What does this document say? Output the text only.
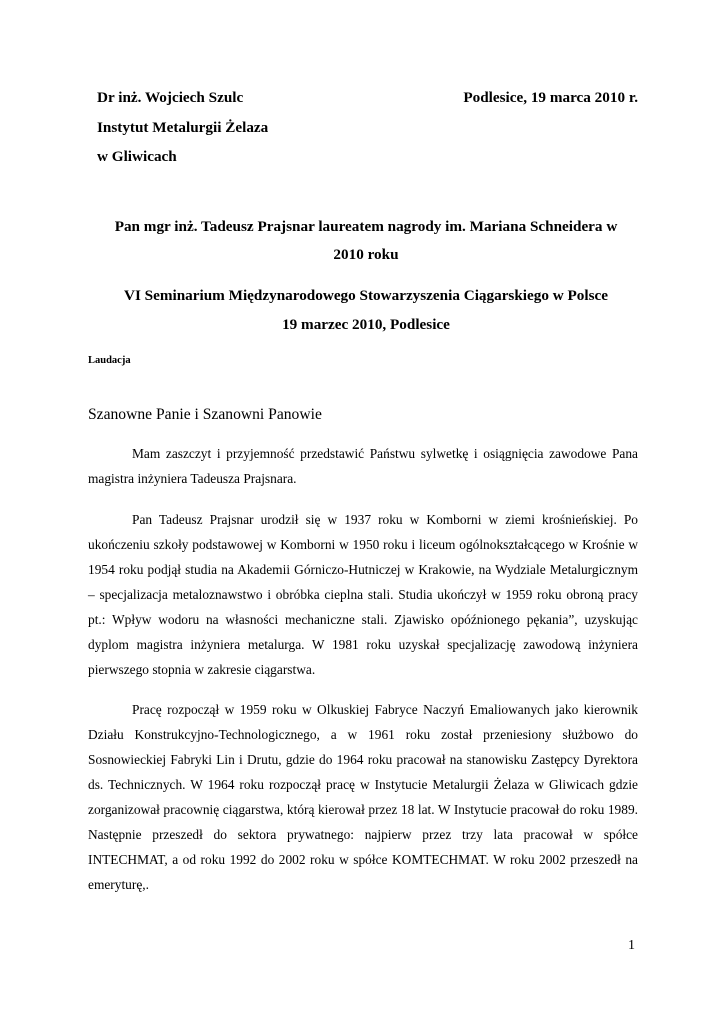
Dr inż. Wojciech Szulc
Instytut Metalurgii Żelaza
w Gliwicach
Podlesice, 19 marca 2010 r.
Pan mgr inż. Tadeusz Prajsnar laureatem nagrody im. Mariana Schneidera w
2010 roku
VI Seminarium Międzynarodowego Stowarzyszenia Ciągarskiego w Polsce
19 marzec 2010, Podlesice
Laudacja
Szanowne Panie i Szanowni Panowie

Mam zaszczyt i przyjemność przedstawić Państwu sylwetkę i osiągnięcia zawodowe Pana magistra inżyniera Tadeusza Prajsnara.

Pan Tadeusz Prajsnar urodził się w 1937 roku w Komborni w ziemi krośnieńskiej. Po ukończeniu szkoły podstawowej w Komborni w 1950 roku i liceum ogólnokształcącego w Krośnie w 1954 roku podjął studia na Akademii Górniczo-Hutniczej w Krakowie, na Wydziale Metalurgicznym – specjalizacja metaloznawstwo i obróbka cieplna stali. Studia ukończył w 1959 roku obroną pracy pt.: Wpływ wodoru na własności mechaniczne stali. Zjawisko opóźnionego pękania”, uzyskując dyplom magistra inżyniera metalurga. W 1981 roku uzyskał specjalizację zawodową inżyniera pierwszego stopnia w zakresie ciągarstwa.

Pracę rozpoczął w 1959 roku w Olkuskiej Fabryce Naczyń Emaliowanych jako kierownik Działu Konstrukcyjno-Technologicznego, a w 1961 roku został przeniesiony służbowo do Sosnowieckiej Fabryki Lin i Drutu, gdzie do 1964 roku pracował na stanowisku Zastępcy Dyrektora ds. Technicznych. W 1964 roku rozpoczął pracę w Instytucie Metalurgii Żelaza w Gliwicach gdzie zorganizował pracownię ciągarstwa, którą kierował przez 18 lat. W Instytucie pracował do roku 1989. Następnie przeszedł do sektora prywatnego: najpierw przez trzy lata pracował w spółce INTECHMAT, a od roku 1992 do 2002 roku w spółce KOMTECHMAT. W roku 2002 przeszedł na emeryturę,.

1
